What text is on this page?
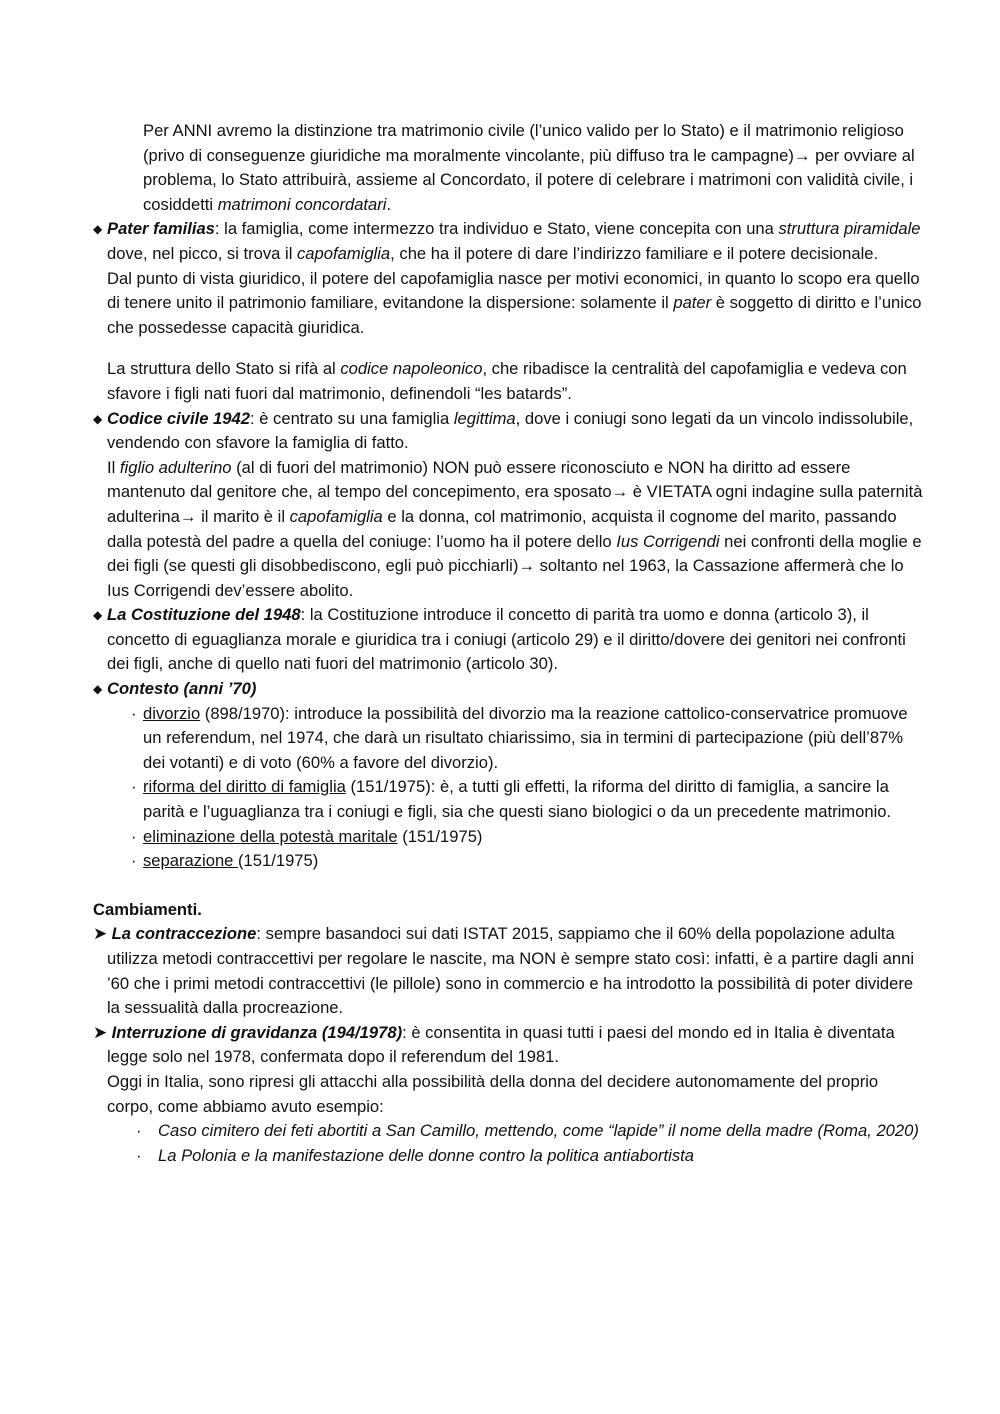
Per ANNI avremo la distinzione tra matrimonio civile (l’unico valido per lo Stato) e il matrimonio religioso (privo di conseguenze giuridiche ma moralmente vincolante, più diffuso tra le campagne)→ per ovviare al problema, lo Stato attribuirà, assieme al Concordato, il potere di celebrare i matrimoni con validità civile, i cosiddetti matrimoni concordatari.

◆ Pater familias: la famiglia, come intermezzo tra individuo e Stato, viene concepita con una struttura piramidale dove, nel picco, si trova il capofamiglia, che ha il potere di dare l’indirizzo familiare e il potere decisionale.

Dal punto di vista giuridico, il potere del capofamiglia nasce per motivi economici, in quanto lo scopo era quello di tenere unito il patrimonio familiare, evitandone la dispersione: solamente il pater è soggetto di diritto e l’unico che possedesse capacità giuridica.

La struttura dello Stato si rifà al codice napoleonico, che ribadisce la centralità del capofamiglia e vedeva con sfavore i figli nati fuori dal matrimonio, definendoli “les batards”.

◆ Codice civile 1942: è centrato su una famiglia legittima, dove i coniugi sono legati da un vincolo indissolubile, vendendo con sfavore la famiglia di fatto.

Il figlio adulterino (al di fuori del matrimonio) NON può essere riconosciuto e NON ha diritto ad essere mantenuto dal genitore che, al tempo del concepimento, era sposato→ è VIETATA ogni indagine sulla paternità adulterina→ il marito è il capofamiglia e la donna, col matrimonio, acquista il cognome del marito, passando dalla potestà del padre a quella del coniuge: l’uomo ha il potere dello Ius Corrigendi nei confronti della moglie e dei figli (se questi gli disobbediscono, egli può picchiarli)→ soltanto nel 1963, la Cassazione affermerà che lo Ius Corrigendi dev’essere abolito.

◆ La Costituzione del 1948: la Costituzione introduce il concetto di parità tra uomo e donna (articolo 3), il concetto di eguaglianza morale e giuridica tra i coniugi (articolo 29) e il diritto/dovere dei genitori nei confronti dei figli, anche di quello nati fuori del matrimonio (articolo 30).

◆ Contesto (anni ’70)

· divorzio (898/1970): introduce la possibilità del divorzio ma la reazione cattolico-conservatrice promuove un referendum, nel 1974, che darà un risultato chiarissimo, sia in termini di partecipazione (più dell’87% dei votanti) e di voto (60% a favore del divorzio).
· riforma del diritto di famiglia (151/1975): è, a tutti gli effetti, la riforma del diritto di famiglia, a sancire la parità e l’uguaglianza tra i coniugi e figli, sia che questi siano biologici o da un precedente matrimonio.
· eliminazione della potestà maritale (151/1975)
· separazione (151/1975)

Cambiamenti.

➤ La contraccezione: sempre basandoci sui dati ISTAT 2015, sappiamo che il 60% della popolazione adulta utilizza metodi contraccettivi per regolare le nascite, ma NON è sempre stato così: infatti, è a partire dagli anni ’60 che i primi metodi contraccettivi (le pillole) sono in commercio e ha introdotto la possibilità di poter dividere la sessualità dalla procreazione.

➤ Interruzione di gravidanza (194/1978): è consentita in quasi tutti i paesi del mondo ed in Italia è diventata legge solo nel 1978, confermata dopo il referendum del 1981.

Oggi in Italia, sono ripresi gli attacchi alla possibilità della donna del decidere autonomamente del proprio corpo, come abbiamo avuto esempio:

· Caso cimitero dei feti abortiti a San Camillo, mettendo, come “lapide” il nome della madre (Roma, 2020)
· La Polonia e la manifestazione delle donne contro la politica antiabortista
